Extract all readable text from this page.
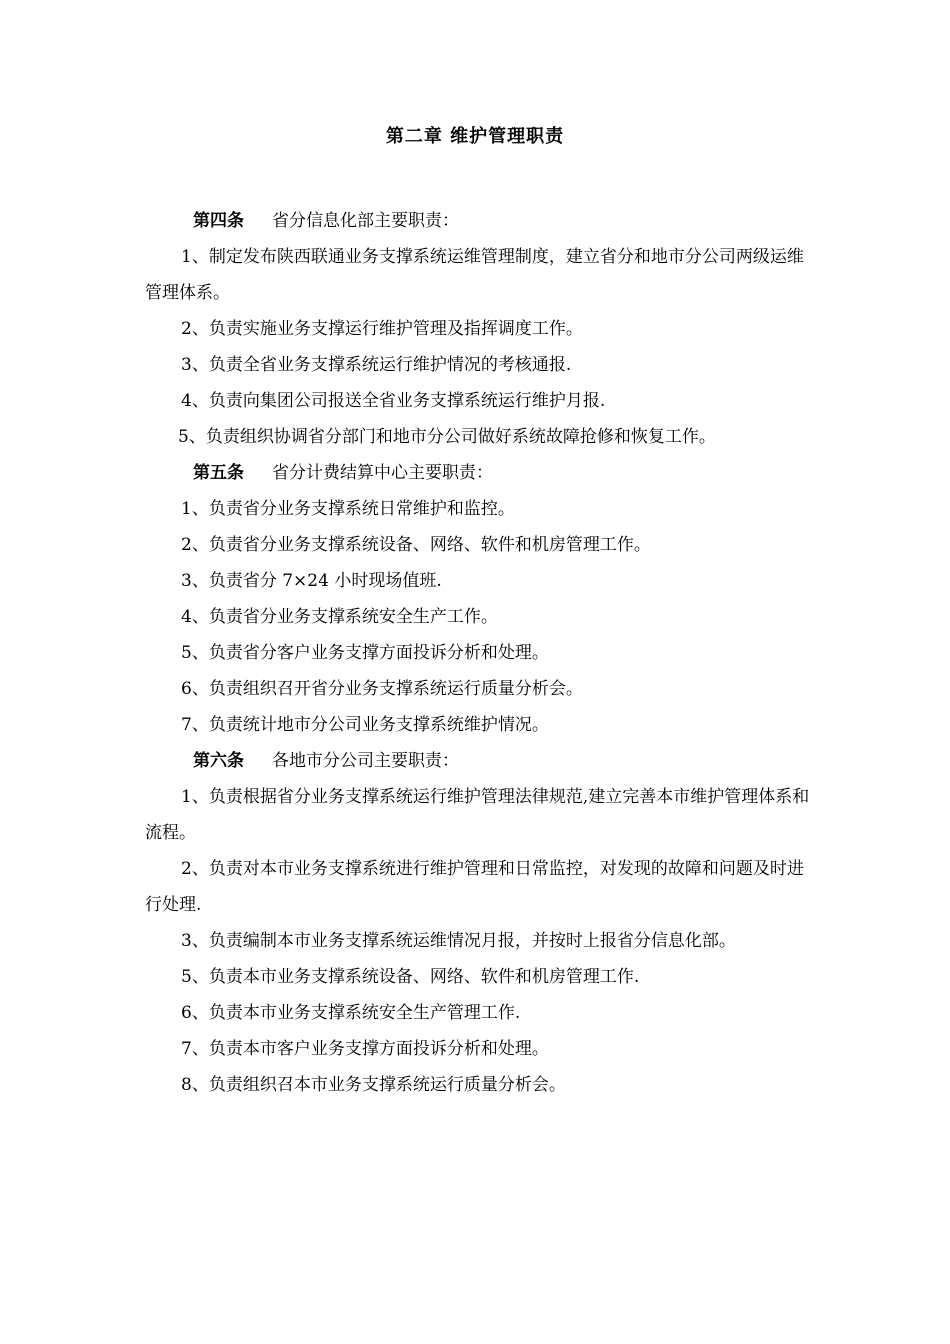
第二章 维护管理职责

第四条 省分信息化部主要职责：

1、制定发布陕西联通业务支撑系统运维管理制度，建立省分和地市分公司两级运维管理体系。

2、负责实施业务支撑运行维护管理及指挥调度工作。

3、负责全省业务支撑系统运行维护情况的考核通报.

4、负责向集团公司报送全省业务支撑系统运行维护月报.

5、负责组织协调省分部门和地市分公司做好系统故障抢修和恢复工作。

第五条 省分计费结算中心主要职责：

1、负责省分业务支撑系统日常维护和监控。

2、负责省分业务支撑系统设备、网络、软件和机房管理工作。

3、负责省分 7×24 小时现场值班.

4、负责省分业务支撑系统安全生产工作。

5、负责省分客户业务支撑方面投诉分析和处理。

6、负责组织召开省分业务支撑系统运行质量分析会。

7、负责统计地市分公司业务支撑系统维护情况。

第六条 各地市分公司主要职责：

1、负责根据省分业务支撑系统运行维护管理法律规范,建立完善本市维护管理体系和流程。

2、负责对本市业务支撑系统进行维护管理和日常监控，对发现的故障和问题及时进行处理.

3、负责编制本市业务支撑系统运维情况月报，并按时上报省分信息化部。

5、负责本市业务支撑系统设备、网络、软件和机房管理工作.

6、负责本市业务支撑系统安全生产管理工作.

7、负责本市客户业务支撑方面投诉分析和处理。

8、负责组织召本市业务支撑系统运行质量分析会。
